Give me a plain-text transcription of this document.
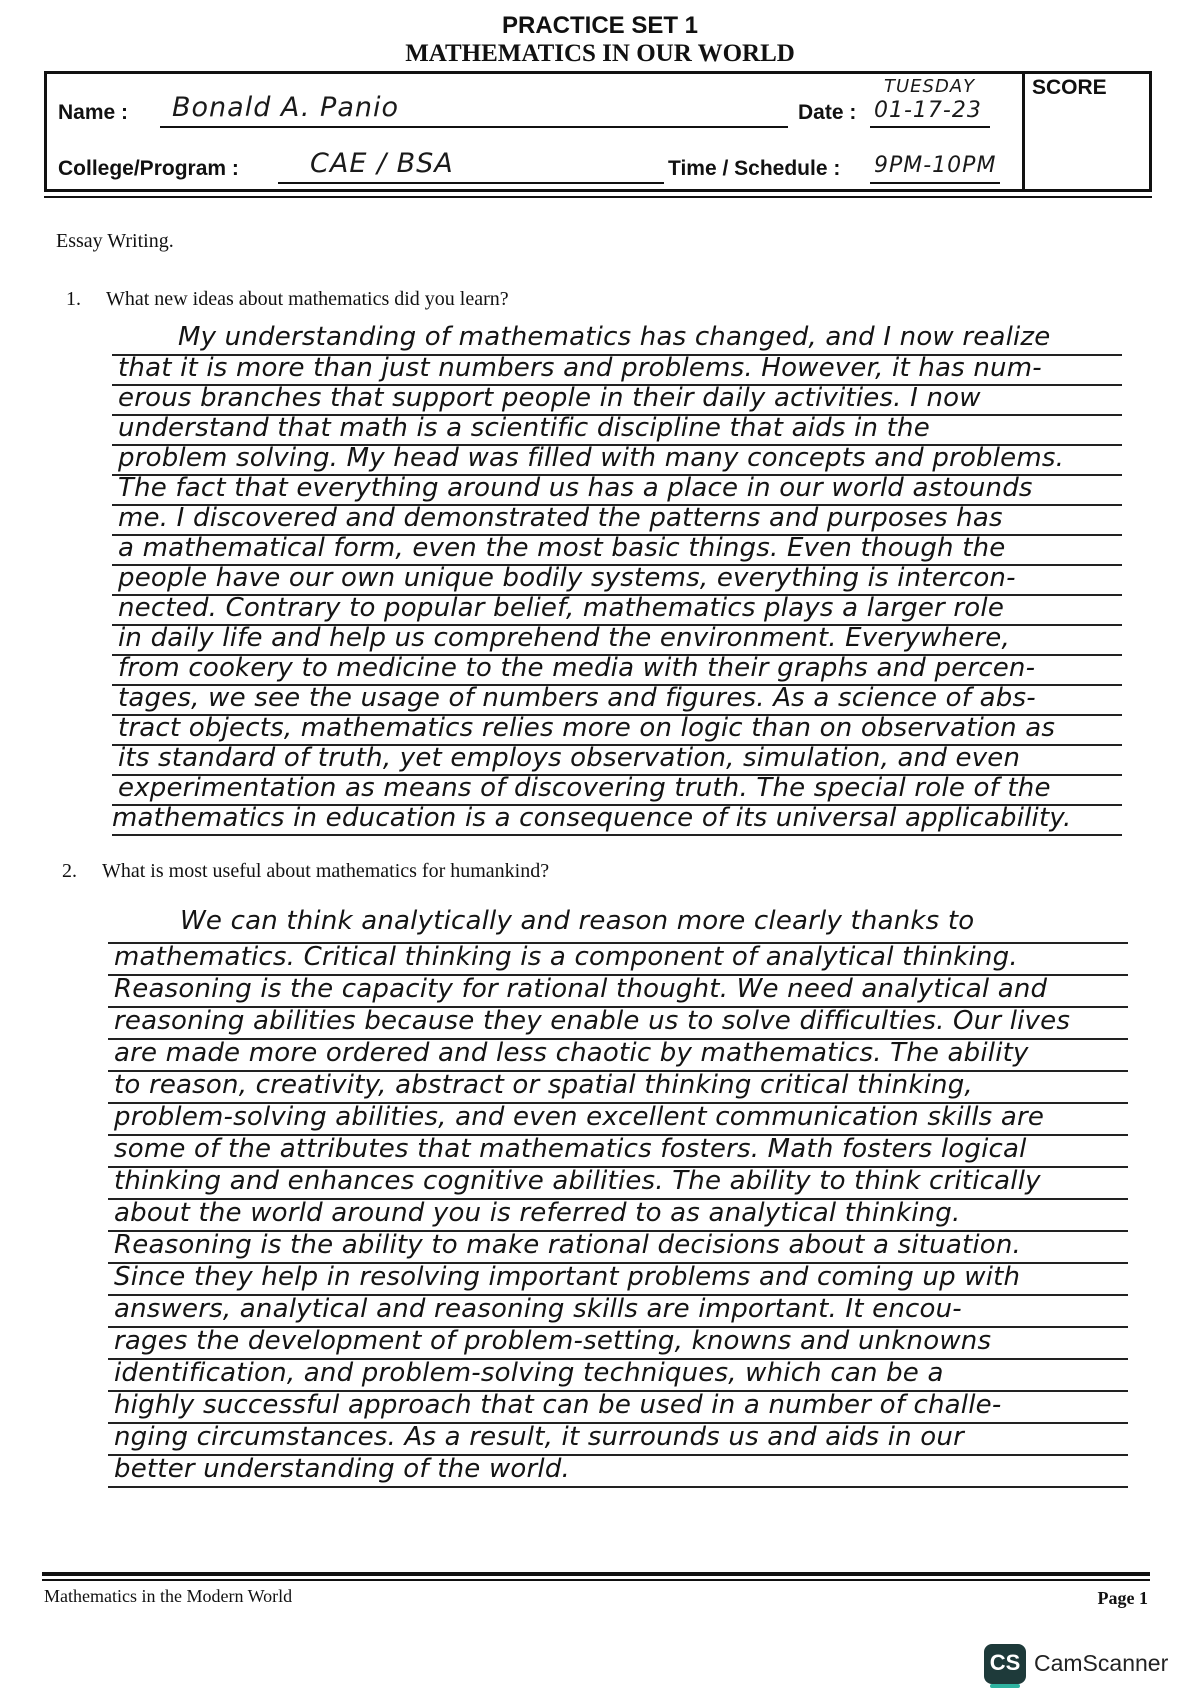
PRACTICE SET 1
MATHEMATICS IN OUR WORLD
Name : Bonald A. Panio	Date :
TUESDAY
01-17-23
SCORE
College/Program :	CAE / BSA	Time / Schedule : 9PM-10PM
Essay Writing.
1. What new ideas about mathematics did you learn?
My understanding of mathematics has changed, and I now realize
that it is more than just numbers and problems. However, it has num-
erous branches that support people in their daily activities. I now
understand that math is a scientific discipline that aids in the
problem solving. My head was filled with many concepts and problems.
The fact that everything around us has a place in our world astounds
me. I discovered and demonstrated the patterns and purposes has
a mathematical form, even the most basic things. Even though the
people have our own unique bodily systems, everything is intercon-
nected. Contrary to popular belief, mathematics plays a larger role
in daily life and help us comprehend the environment. Everywhere,
from cookery to medicine to the media with their graphs and percen-
tages, we see the usage of numbers and figures. As a science of abs-
tract objects, mathematics relies more on logic than on observation as
its standard of truth, yet employs observation, simulation, and even
experimentation as means of discovering truth. The special role of the
mathematics in education is a consequence of its universal applicability.
2. What is most useful about mathematics for humankind?
We can think analytically and reason more clearly thanks to
mathematics. Critical thinking is a component of analytical thinking.
Reasoning is the capacity for rational thought. We need analytical and
reasoning abilities because they enable us to solve difficulties. Our lives
are made more ordered and less chaotic by mathematics. The ability
to reason, creativity, abstract or spatial thinking critical thinking,
problem-solving abilities, and even excellent communication skills are
some of the attributes that mathematics fosters. Math fosters logical
thinking and enhances cognitive abilities. The ability to think critically
about the world around you is referred to as analytical thinking.
Reasoning is the ability to make rational decisions about a situation.
Since they help in resolving important problems and coming up with
answers, analytical and reasoning skills are important. It encou-
rages the development of problem-setting, knowns and unknowns
identification, and problem-solving techniques, which can be a
highly successful approach that can be used in a number of challe-
nging circumstances. As a result, it surrounds us and aids in our
better understanding of the world.
Mathematics in the Modern World	Page 1
CS CamScanner
